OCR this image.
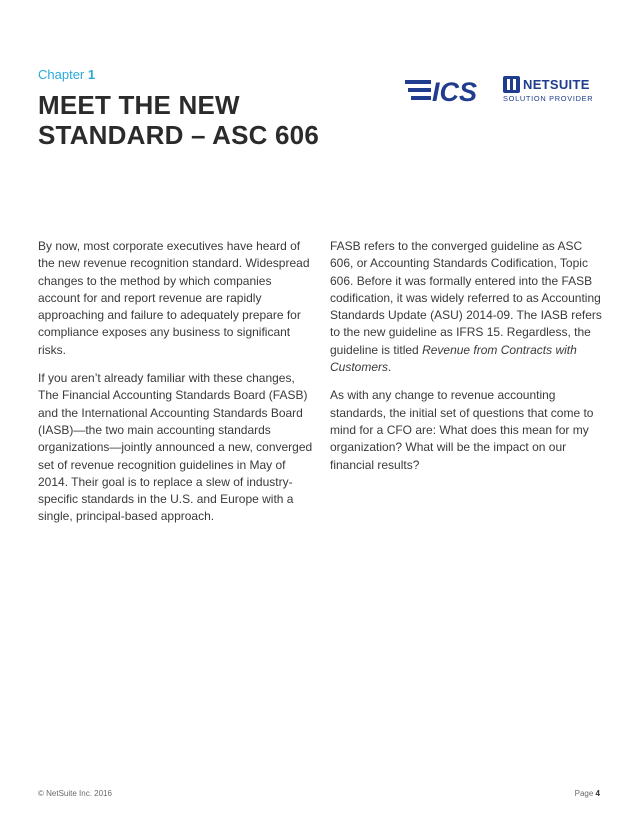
Chapter 1
MEET THE NEW
STANDARD – ASC 606
ICS	NETSUITE
SOLUTION PROVIDER

By now, most corporate executives have heard of the new revenue recognition standard. Widespread changes to the method by which companies account for and report revenue are rapidly approaching and failure to adequately prepare for compliance exposes any business to significant risks.

If you aren’t already familiar with these changes, The Financial Accounting Standards Board (FASB) and the International Accounting Standards Board (IASB)—the two main accounting standards organizations—jointly announced a new, converged set of revenue recognition guidelines in May of 2014. Their goal is to replace a slew of industry-specific standards in the U.S. and Europe with a single, principal-based approach.

FASB refers to the converged guideline as ASC 606, or Accounting Standards Codification, Topic 606. Before it was formally entered into the FASB codification, it was widely referred to as Accounting Standards Update (ASU) 2014-09. The IASB refers to the new guideline as IFRS 15. Regardless, the guideline is titled Revenue from Contracts with Customers.

As with any change to revenue accounting standards, the initial set of questions that come to mind for a CFO are: What does this mean for my organization? What will be the impact on our financial results?

© NetSuite Inc. 2016	Page 4
